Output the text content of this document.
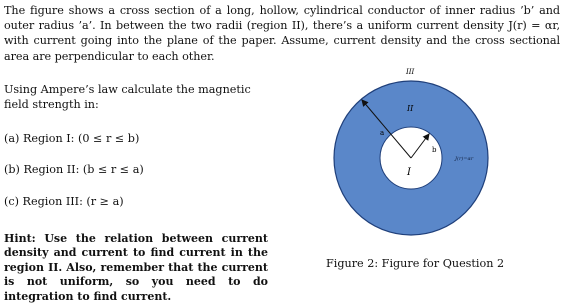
The figure shows a cross section of a long, hollow, cylindrical conductor of inner radius ’b’ and outer radius ’a’. In between the two radii (region II), there’s a uniform current density J(r) = αr, with current going into the plane of the paper. Assume, current density and the cross sectional area are perpendicular to each other.

Using Ampere’s law calculate the magnetic field strength in:
(a) Region I: (0 ≤ r ≤ b)
(b) Region II: (b ≤ r ≤ a)
(c) Region III: (r ≥ a)
Hint: Use the relation between current density and current to find current in the region II. Also, remember that the current is not uniform, so you need to do integration to find current.
III
II
I
a
b
J(r)=αr
Figure 2: Figure for Question 2
